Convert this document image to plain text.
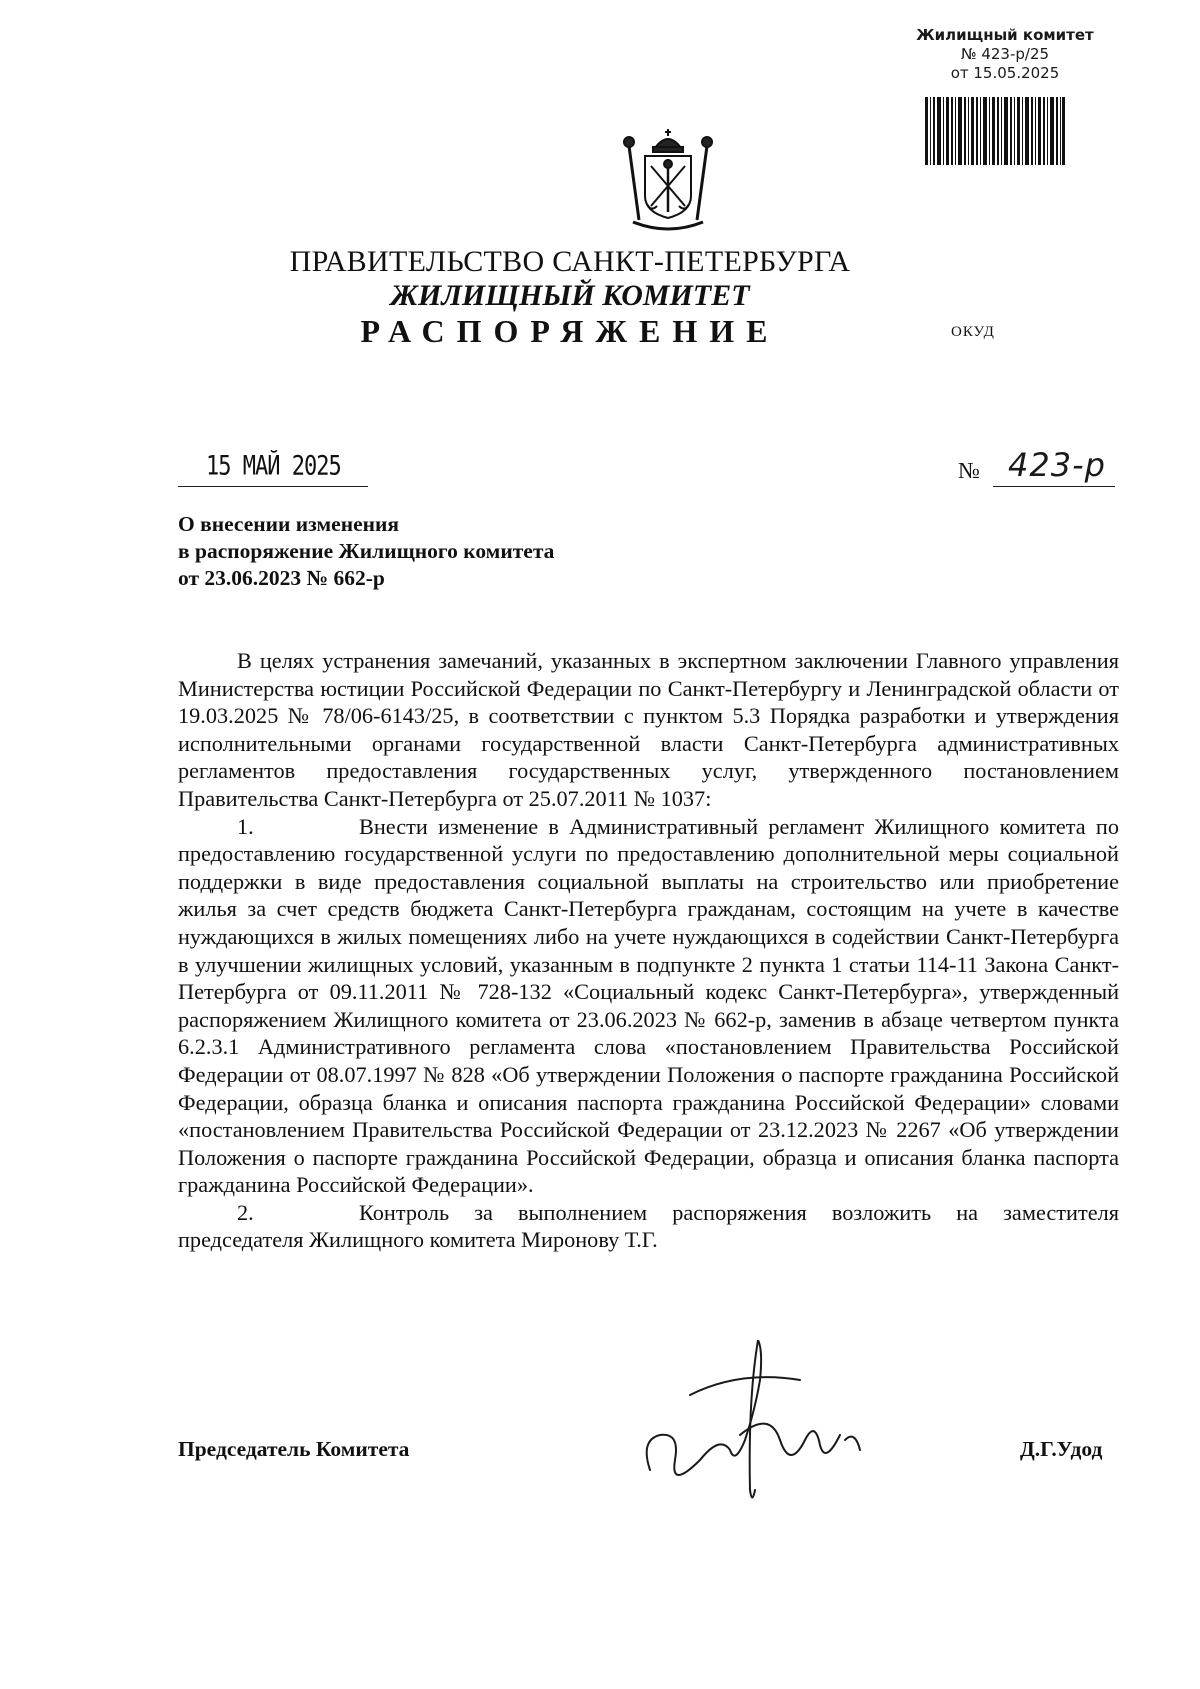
Жилищный комитет
№ 423-р/25
от 15.05.2025
ПРАВИТЕЛЬСТВО САНКТ-ПЕТЕРБУРГА
ЖИЛИЩНЫЙ КОМИТЕТ
РАСПОРЯЖЕНИЕ	ОКУД
15 МАЙ 2025	№ 423-р
О внесении изменения
в распоряжение Жилищного комитета
от 23.06.2023 № 662-р

В целях устранения замечаний, указанных в экспертном заключении Главного управления Министерства юстиции Российской Федерации по Санкт-Петербургу и Ленинградской области от 19.03.2025 № 78/06-6143/25, в соответствии с пунктом 5.3 Порядка разработки и утверждения исполнительными органами государственной власти Санкт-Петербурга административных регламентов предоставления государственных услуг, утвержденного постановлением Правительства Санкт-Петербурга от 25.07.2011 № 1037:

1.	Внести изменение в Административный регламент Жилищного комитета по предоставлению государственной услуги по предоставлению дополнительной меры социальной поддержки в виде предоставления социальной выплаты на строительство или приобретение жилья за счет средств бюджета Санкт-Петербурга гражданам, состоящим на учете в качестве нуждающихся в жилых помещениях либо на учете нуждающихся в содействии Санкт-Петербурга в улучшении жилищных условий, указанным в подпункте 2 пункта 1 статьи 114-11 Закона Санкт-Петербурга от 09.11.2011 № 728-132 «Социальный кодекс Санкт-Петербурга», утвержденный распоряжением Жилищного комитета от 23.06.2023 № 662-р, заменив в абзаце четвертом пункта 6.2.3.1 Административного регламента слова «постановлением Правительства Российской Федерации от 08.07.1997 № 828 «Об утверждении Положения о паспорте гражданина Российской Федерации, образца бланка и описания паспорта гражданина Российской Федерации» словами «постановлением Правительства Российской Федерации от 23.12.2023 № 2267 «Об утверждении Положения о паспорте гражданина Российской Федерации, образца и описания бланка паспорта гражданина Российской Федерации».

2.	Контроль за выполнением распоряжения возложить на заместителя председателя Жилищного комитета Миронову Т.Г.

Председатель Комитета	Д.Г.Удод
